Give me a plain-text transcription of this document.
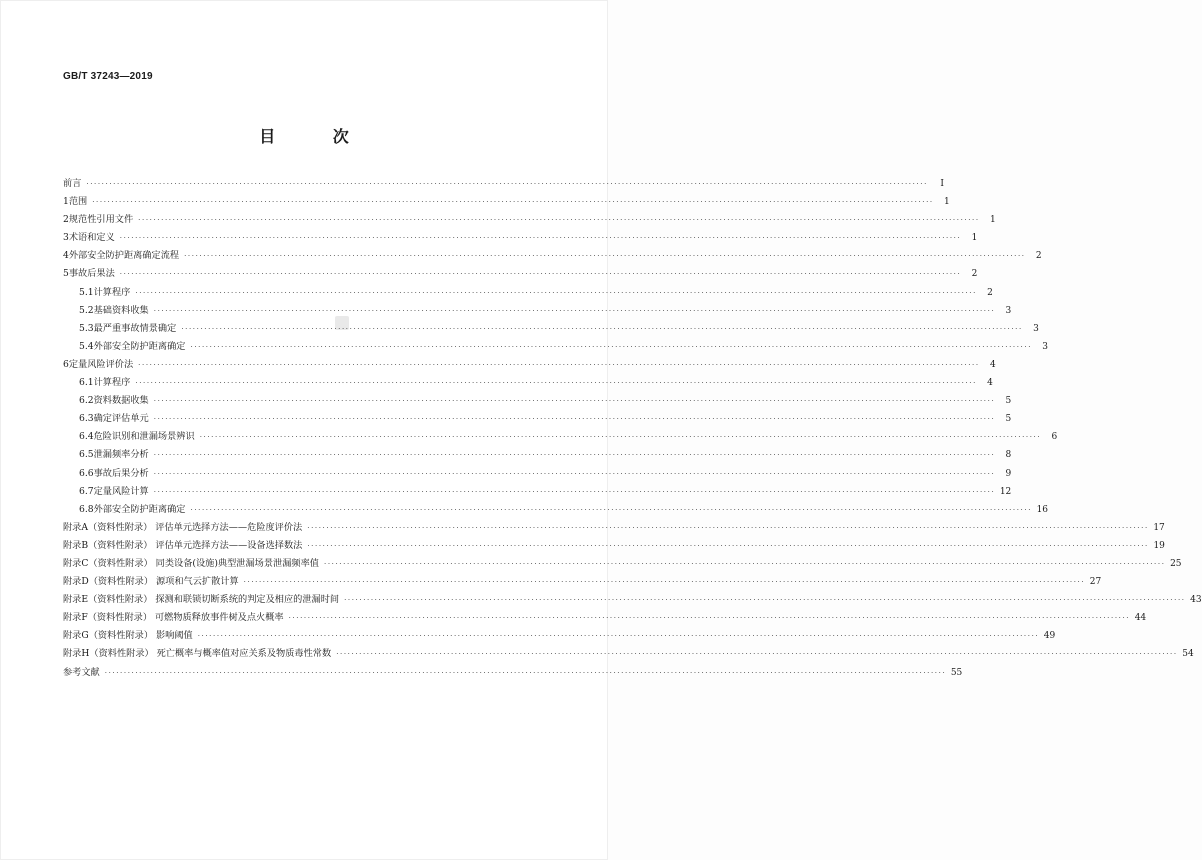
GB/T 37243—2019
目 次
前言 ····························································································································································································································	I
1 范围 ····························································································································································································································	1
2 规范性引用文件 ····························································································································································································································	1
3 术语和定义 ····························································································································································································································	1
4 外部安全防护距离确定流程 ····························································································································································································································	2
5 事故后果法 ····························································································································································································································	2
5.1 计算程序 ····························································································································································································································	2
5.2 基础资料收集 ····························································································································································································································	3
5.3 最严重事故情景确定 ····························································································································································································································	3
5.4 外部安全防护距离确定 ····························································································································································································································	3
6 定量风险评价法 ····························································································································································································································	4
6.1 计算程序 ····························································································································································································································	4
6.2 资料数据收集 ····························································································································································································································	5
6.3 确定评估单元 ····························································································································································································································	5
6.4 危险识别和泄漏场景辨识 ····························································································································································································································	6
6.5 泄漏频率分析 ····························································································································································································································	8
6.6 事故后果分析 ····························································································································································································································	9
6.7 定量风险计算 ···························································································································································································································· 12
6.8 外部安全防护距离确定 ···························································································································································································································· 16
附录A（资料性附录） 评估单元选择方法——危险度评价法 ···························································································································································································································· 17
附录B（资料性附录） 评估单元选择方法——设备选择数法 ···························································································································································································································· 19
附录C（资料性附录） 同类设备(设施)典型泄漏场景泄漏频率值 ···························································································································································································································· 25
附录D（资料性附录） 源项和气云扩散计算 ···························································································································································································································· 27
附录E（资料性附录） 探测和联锁切断系统的判定及相应的泄漏时间 ···························································································································································································································· 43
附录F（资料性附录） 可燃物质释放事件树及点火概率 ···························································································································································································································· 44
附录G（资料性附录） 影响阈值 ···························································································································································································································· 49
附录H（资料性附录） 死亡概率与概率值对应关系及物质毒性常数 ···························································································································································································································· 54
参考文献 ···························································································································································································································· 55
